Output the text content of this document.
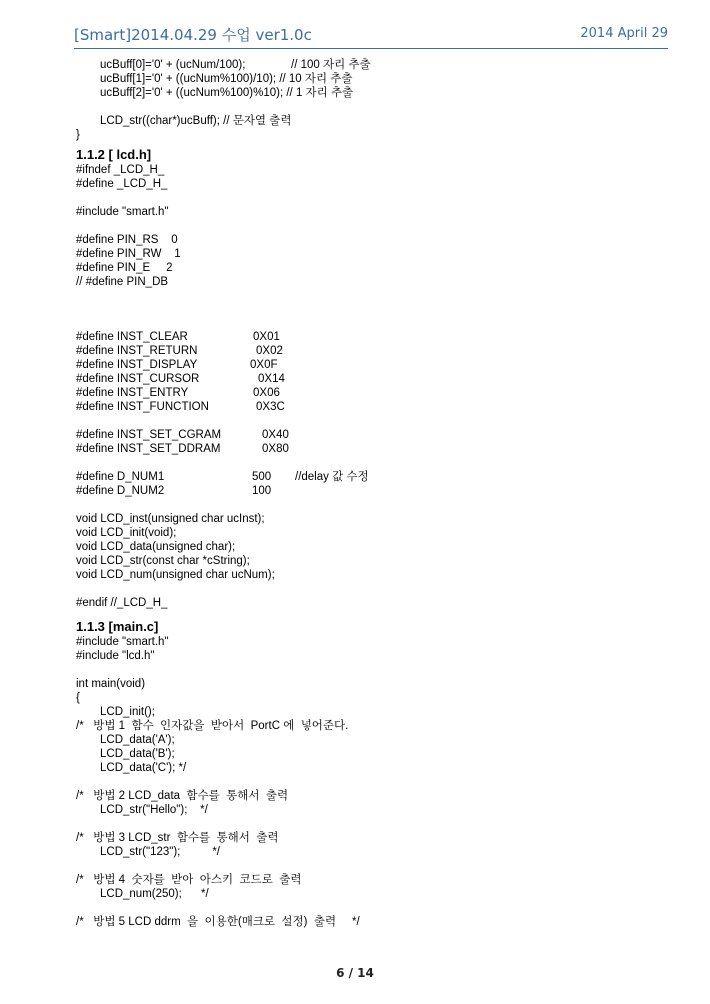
[Smart]2014.04.29 수업 ver1.0c	2014 April 29
ucBuff[0]='0' + (ucNum/100);	// 100 자리 추출
ucBuff[1]='0' + ((ucNum%100)/10); // 10 자리 추출
ucBuff[2]='0' + ((ucNum%100)%10); // 1 자리 추출
LCD_str((char*)ucBuff); // 문자열 출력
}
1.1.2 [ lcd.h]
#ifndef _LCD_H_
#define _LCD_H_
#include "smart.h"
#define PIN_RS    0
#define PIN_RW    1
#define PIN_E     2
// #define PIN_DB
#define INST_CLEAR	0X01
#define INST_RETURN	0X02
#define INST_DISPLAY	0X0F
#define INST_CURSOR	0X14
#define INST_ENTRY	0X06
#define INST_FUNCTION	0X3C
#define INST_SET_CGRAM	0X40
#define INST_SET_DDRAM	0X80
#define D_NUM1	500 //delay 값 수정
#define D_NUM2	100
void LCD_inst(unsigned char ucInst);
void LCD_init(void);
void LCD_data(unsigned char);
void LCD_str(const char *cString);
void LCD_num(unsigned char ucNum);
#endif //_LCD_H_
1.1.3 [main.c]
#include "smart.h"
#include "lcd.h"
int main(void)
{
LCD_init();
/*   방법 1  함수  인자값을  받아서  PortC 에  넣어준다.
LCD_data('A');
LCD_data('B');
LCD_data('C'); */
/*   방법 2 LCD_data  함수를  통해서  출력
LCD_str("Hello");    */
/*   방법 3 LCD_str  함수를  통해서  출력
LCD_str("123");          */
/*   방법 4  숫자를  받아  아스키  코드로  출력
LCD_num(250);      */
/*   방법 5 LCD ddrm  을  이용한(매크로  설정)  출력     */
6 / 14
